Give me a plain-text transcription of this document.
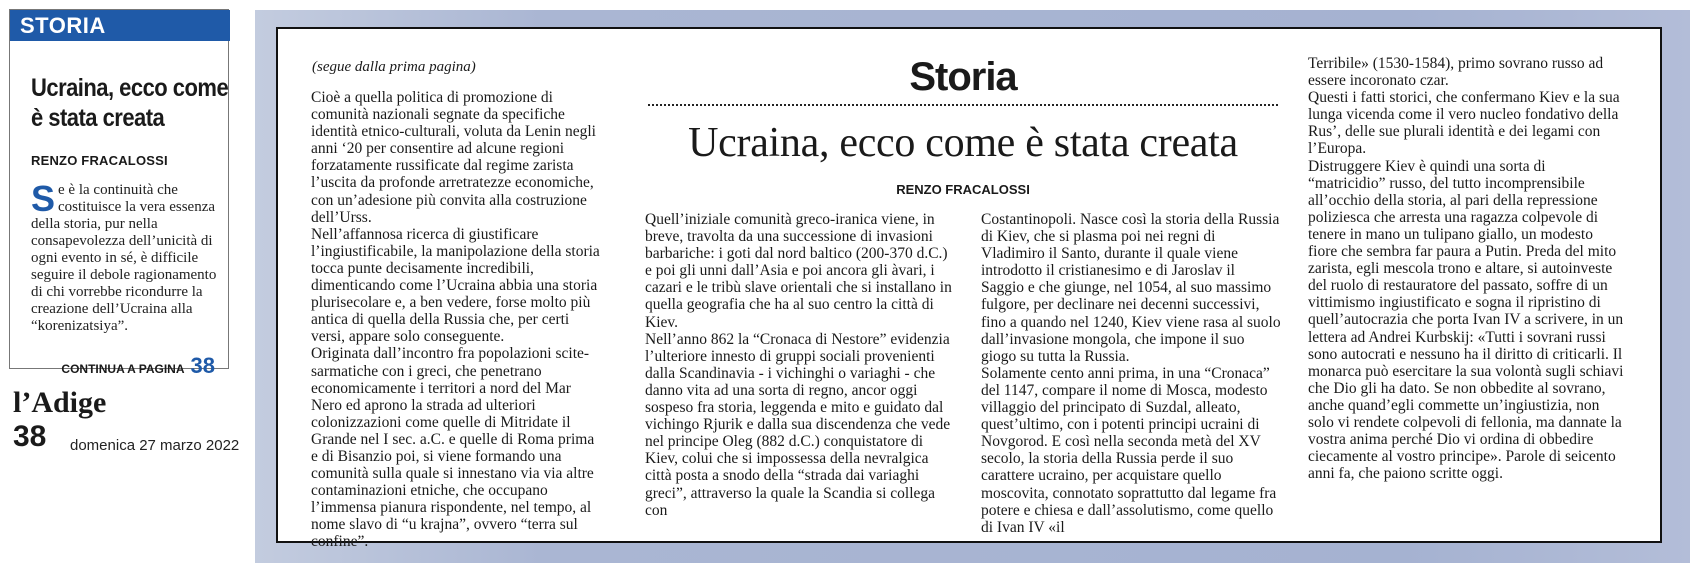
STORIA
Ucraina, ecco come è stata creata
RENZO FRACALOSSI
Se è la continuità che costituisce la vera essenza della storia, pur nella consapevolezza dell’unicità di ogni evento in sé, è difficile seguire il debole ragionamento di chi vorrebbe ricondurre la creazione dell’Ucraina alla “korenizatsiya”.
CONTINUA A PAGINA 38
l’Adige
38 domenica 27 marzo 2022
(segue dalla prima pagina)

Cioè a quella politica di promozione di comunità nazionali segnate da specifiche identità etnico-culturali, voluta da Lenin negli anni ‘20 per consentire ad alcune regioni forzatamente russificate dal regime zarista l’uscita da profonde arretratezze economiche, con un’adesione più convita alla costruzione dell’Urss.

Nell’affannosa ricerca di giustificare l’ingiustificabile, la manipolazione della storia tocca punte decisamente incredibili, dimenticando come l’Ucraina abbia una storia plurisecolare e, a ben vedere, forse molto più antica di quella della Russia che, per certi versi, appare solo conseguente.

Originata dall’incontro fra popolazioni scite-sarmatiche con i greci, che penetrano economicamente i territori a nord del Mar Nero ed aprono la strada ad ulteriori colonizzazioni come quelle di Mitridate il Grande nel I sec. a.C. e quelle di Roma prima e di Bisanzio poi, si viene formando una comunità sulla quale si innestano via via altre contaminazioni etniche, che occupano l’immensa pianura rispondente, nel tempo, al nome slavo di “u krajna”, ovvero “terra sul confine”.

Storia
Ucraina, ecco come è stata creata
RENZO FRACALOSSI

Quell’iniziale comunità greco-iranica viene, in breve, travolta da una successione di invasioni barbariche: i goti dal nord baltico (200-370 d.C.) e poi gli unni dall’Asia e poi ancora gli àvari, i cazari e le tribù slave orientali che si installano in quella geografia che ha al suo centro la città di Kiev.

Nell’anno 862 la “Cronaca di Nestore” evidenzia l’ulteriore innesto di gruppi sociali provenienti dalla Scandinavia - i vichinghi o variaghi - che danno vita ad una sorta di regno, ancor oggi sospeso fra storia, leggenda e mito e guidato dal vichingo Rjurik e dalla sua discendenza che vede nel principe Oleg (882 d.C.) conquistatore di Kiev, colui che si impossessa della nevralgica città posta a snodo della “strada dai variaghi greci”, attraverso la quale la Scandia si collega con

Costantinopoli. Nasce così la storia della Russia di Kiev, che si plasma poi nei regni di Vladimiro il Santo, durante il quale viene introdotto il cristianesimo e di Jaroslav il Saggio e che giunge, nel 1054, al suo massimo fulgore, per declinare nei decenni successivi, fino a quando nel 1240, Kiev viene rasa al suolo dall’invasione mongola, che impone il suo giogo su tutta la Russia.

Solamente cento anni prima, in una “Cronaca” del 1147, compare il nome di Mosca, modesto villaggio del principato di Suzdal, alleato, quest’ultimo, con i potenti principi ucraini di Novgorod. E così nella seconda metà del XV secolo, la storia della Russia perde il suo carattere ucraino, per acquistare quello moscovita, connotato soprattutto dal legame fra potere e chiesa e dall’assolutismo, come quello di Ivan IV «il

Terribile» (1530-1584), primo sovrano russo ad essere incoronato czar.

Questi i fatti storici, che confermano Kiev e la sua lunga vicenda come il vero nucleo fondativo della Rus’, delle sue plurali identità e dei legami con l’Europa.

Distruggere Kiev è quindi una sorta di “matricidio” russo, del tutto incomprensibile all’occhio della storia, al pari della repressione poliziesca che arresta una ragazza colpevole di tenere in mano un tulipano giallo, un modesto fiore che sembra far paura a Putin. Preda del mito zarista, egli mescola trono e altare, si autoinveste del ruolo di restauratore del passato, soffre di un vittimismo ingiustificato e sogna il ripristino di quell’autocrazia che porta Ivan IV a scrivere, in un lettera ad Andrei Kurbskij: «Tutti i sovrani russi sono autocrati e nessuno ha il diritto di criticarli. Il monarca può esercitare la sua volontà sugli schiavi che Dio gli ha dato. Se non obbedite al sovrano, anche quand’egli commette un’ingiustizia, non solo vi rendete colpevoli di fellonia, ma dannate la vostra anima perché Dio vi ordina di obbedire ciecamente al vostro principe». Parole di seicento anni fa, che paiono scritte oggi.
